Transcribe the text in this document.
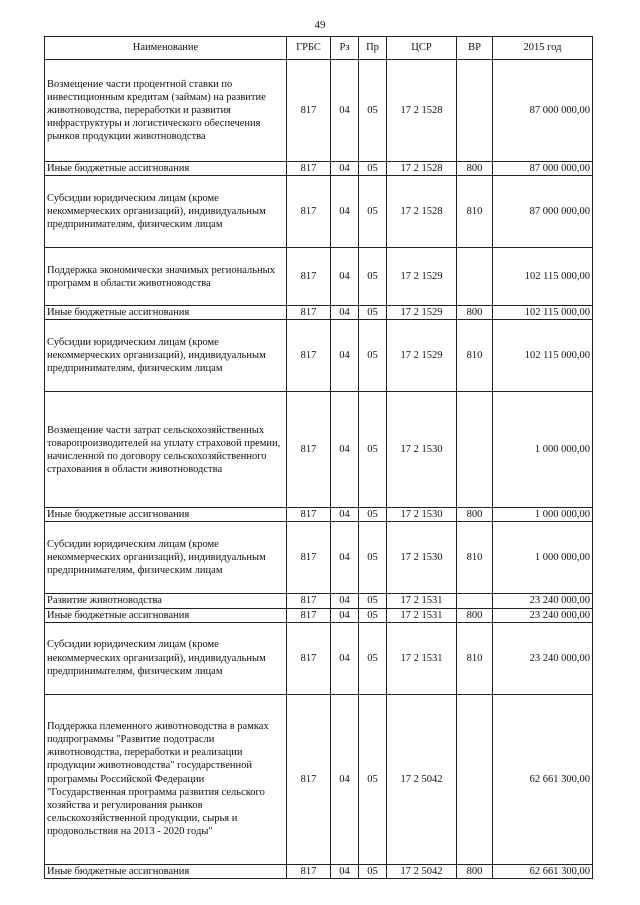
49
Наименование	ГРБС	Рз	Пр	ЦСР	ВР	2015 год
Возмещение части процентной ставки по инвестиционным кредитам (займам) на развитие животноводства, переработки и развития инфраструктуры и логистического обеспечения рынков продукции животноводства	817	04	05	17 2 1528		87 000 000,00
Иные бюджетные ассигнования	817	04	05	17 2 1528	800	87 000 000,00
Субсидии юридическим лицам (кроме некоммерческих организаций), индивидуальным предпринимателям, физическим лицам	817	04	05	17 2 1528	810	87 000 000,00
Поддержка экономически значимых региональных программ в области животноводства	817	04	05	17 2 1529		102 115 000,00
Иные бюджетные ассигнования	817	04	05	17 2 1529	800	102 115 000,00
Субсидии юридическим лицам (кроме некоммерческих организаций), индивидуальным предпринимателям, физическим лицам	817	04	05	17 2 1529	810	102 115 000,00
Возмещение части затрат сельскохозяйственных товаропроизводителей на уплату страховой премии, начисленной по договору сельскохозяйственного страхования в области животноводства	817	04	05	17 2 1530		1 000 000,00
Иные бюджетные ассигнования	817	04	05	17 2 1530	800	1 000 000,00
Субсидии юридическим лицам (кроме некоммерческих организаций), индивидуальным предпринимателям, физическим лицам	817	04	05	17 2 1530	810	1 000 000,00
Развитие животноводства	817	04	05	17 2 1531		23 240 000,00
Иные бюджетные ассигнования	817	04	05	17 2 1531	800	23 240 000,00
Субсидии юридическим лицам (кроме некоммерческих организаций), индивидуальным предпринимателям, физическим лицам	817	04	05	17 2 1531	810	23 240 000,00
Поддержка племенного животноводства в рамках подпрограммы "Развитие подотрасли животноводства, переработки и реализации продукции животноводства" государственной программы Российской Федерации "Государственная программа развития сельского хозяйства и регулирования рынков сельскохозяйственной продукции, сырья и продовольствия на 2013 - 2020 годы"	817	04	05	17 2 5042		62 661 300,00
Иные бюджетные ассигнования	817	04	05	17 2 5042	800	62 661 300,00
